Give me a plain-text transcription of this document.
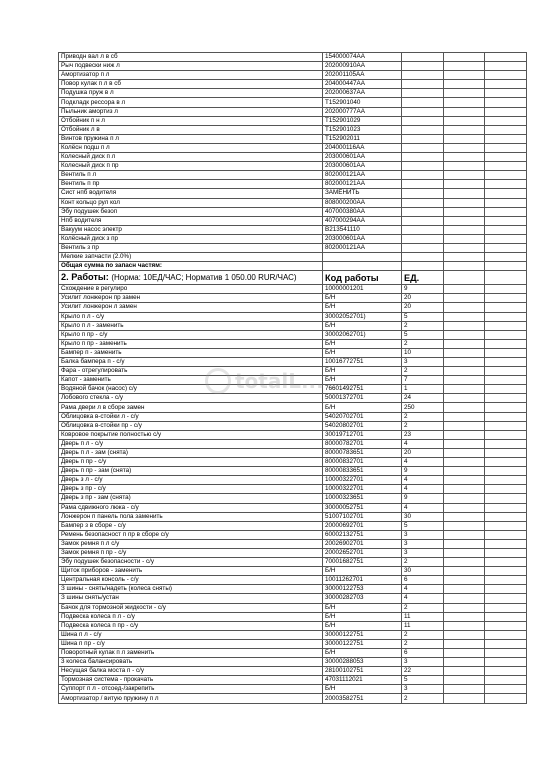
Приводн вал л в сб	154000074AA			
Рыч подвески ниж л	202000910AA			
Амортизатор п л	202001105AA			
Повор кулак п л в сб	204000447AA			
Подушка пруж в л	202000637AA			
Подкладк рессора в л	T152901040			
Пыльник амортиз л	202000777AA			
Отбойник п н л	T152901029			
Отбойник л в	T152901023			
Винтов пружина п л	T152902011			
Колёсн подш п л	204000116AA			
Колесный диск п л	203000601AA			
Колесный диск п пр	203000601AA			
Вентиль п л	802000121AA			
Вентиль п пр	802000121AA			
Сист нпб водителя	ЗАМЕНИТЬ			
Конт кольцо рул кол	808000200AA			
Эбу подушек безоп	407000380AA			
Нпб водителя	407000294AA			
Вакуум насос электр	B213541110			
Колёсный диск з пр	203000601AA			
Вентиль з пр	802000121AA			
Мелкие запчасти (2.0%)				
Общая сумма по запасн частям:				
2. Работы: (Норма: 10ЕД/ЧАС; Норматив 1 050.00 RUR/ЧАС)	Код работы	ЕД.		
Схождение в регулиро	10000001201	9		
Усилит лонжерон пр замен	Б/Н	20		
Усилит лонжерон л замен	Б/Н	20		
Крыло п л - с/у	30002052701)	5		
Крыло п л - заменить	Б/Н	2		
Крыло п пр - с/у	30002062701)	5		
Крыло п пр - заменить	Б/Н	2		
Бампер п - заменить	Б/Н	10		
Балка бампера п - с/у	10016772751	3		
Фара - отрегулировать	Б/Н	2		
Капот - заменить	Б/Н	7		
Водяной бачок (насос) с/у	76601492751	1		
Лобового стекла - с/у	50001372701	24		
Рама двери л в сборе замен	Б/Н	250		
Облицовка в-стойки л - с/у	54020702701	2		
Облицовка в-стойки пр - с/у	54020802701	2		
Ковровое покрытие полностью с/у	30019712701	23		
Дверь п л - с/у	80000782701	4		
Дверь п л - зам (снята)	80000783651	20		
Дверь п пр - с/у	80000832701	4		
Дверь п пр - зам (снята)	80000833651	9		
Дверь з л - с/у	10000322701	4		
Дверь з пр - с/у	10000322701	4		
Дверь з пр - зам (снята)	10000323651	9		
Рама сдвижного люка - с/у	30000052751	4		
Лонжерон п панель пола заменить	51007102701	30		
Бампер з в сборе - с/у	20000692701	5		
Ремень безопасност п пр в сборе с/у	60002132751	3		
Замок ремня п л с/у	20026902701	3		
Замок ремня п пр - с/у	20002652701	3		
Эбу подушек безопасности - с/у	70001682751	2		
Щиток приборов - заменить	Б/Н	30		
Центральная консоль - с/у	10011262701	6		
З шины - снять/надеть (колеса сняты)	30000122753	4		
З шины снять/устан	30000282703	4		
Бачок для тормозной жидкости - с/у	Б/Н	2		
Подвеска колеса п л - с/у	Б/Н	11		
Подвеска колеса п пр - с/у	Б/Н	11		
Шина п л - с/у	30000122751	2		
Шина п пр - с/у	30000122751	2		
Поворотный кулак п л заменить	Б/Н	6		
3 колеса балансировать	30000288053	3		
Несущая балка моста п - с/у	28100102751	22		
Тормозная система - прокачать	47031112021	5		
Суппорт п л - отсоед-/закрепить	Б/Н	3		
Амортизатор / витую пружину п л	20003582751	2		
totalL...
